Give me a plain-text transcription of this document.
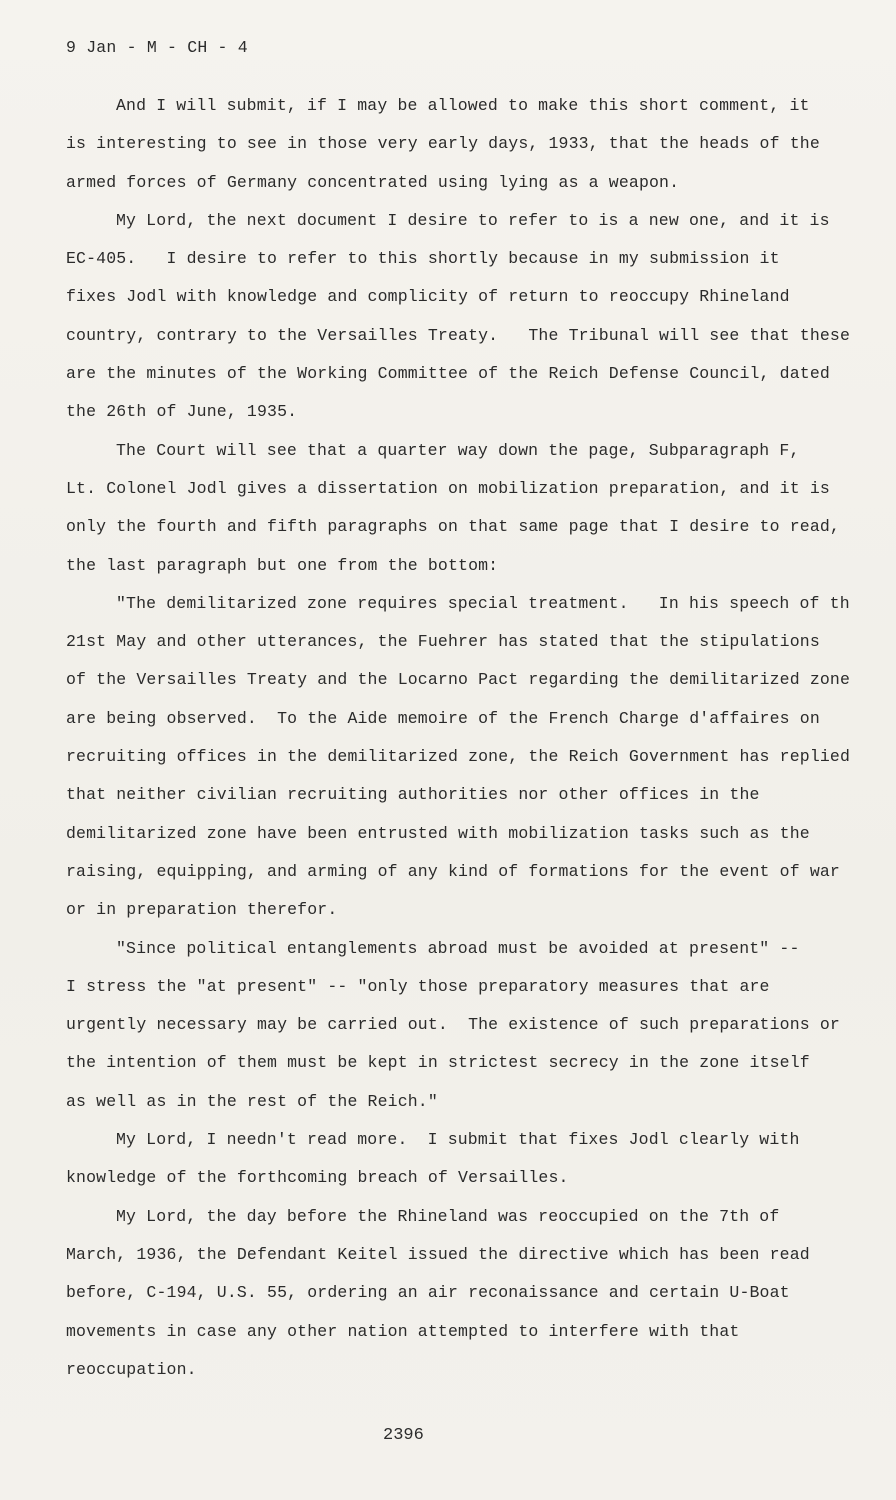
9 Jan - M - CH - 4
And I will submit, if I may be allowed to make this short comment, it
is interesting to see in those very early days, 1933, that the heads of the
armed forces of Germany concentrated using lying as a weapon.
My Lord, the next document I desire to refer to is a new one, and it is
EC-405.   I desire to refer to this shortly because in my submission it
fixes Jodl with knowledge and complicity of return to reoccupy Rhineland
country, contrary to the Versailles Treaty.   The Tribunal will see that these
are the minutes of the Working Committee of the Reich Defense Council, dated
the 26th of June, 1935.
The Court will see that a quarter way down the page, Subparagraph F,
Lt. Colonel Jodl gives a dissertation on mobilization preparation, and it is
only the fourth and fifth paragraphs on that same page that I desire to read,
the last paragraph but one from the bottom:
"The demilitarized zone requires special treatment.   In his speech of th
21st May and other utterances, the Fuehrer has stated that the stipulations
of the Versailles Treaty and the Locarno Pact regarding the demilitarized zone
are being observed.  To the Aide memoire of the French Charge d'affaires on
recruiting offices in the demilitarized zone, the Reich Government has replied
that neither civilian recruiting authorities nor other offices in the
demilitarized zone have been entrusted with mobilization tasks such as the
raising, equipping, and arming of any kind of formations for the event of war
or in preparation therefor.
"Since political entanglements abroad must be avoided at present" --
I stress the "at present" -- "only those preparatory measures that are
urgently necessary may be carried out.  The existence of such preparations or
the intention of them must be kept in strictest secrecy in the zone itself
as well as in the rest of the Reich."
My Lord, I needn't read more.  I submit that fixes Jodl clearly with
knowledge of the forthcoming breach of Versailles.
My Lord, the day before the Rhineland was reoccupied on the 7th of
March, 1936, the Defendant Keitel issued the directive which has been read
before, C-194, U.S. 55, ordering an air reconaissance and certain U-Boat
movements in case any other nation attempted to interfere with that
reoccupation.
2396
